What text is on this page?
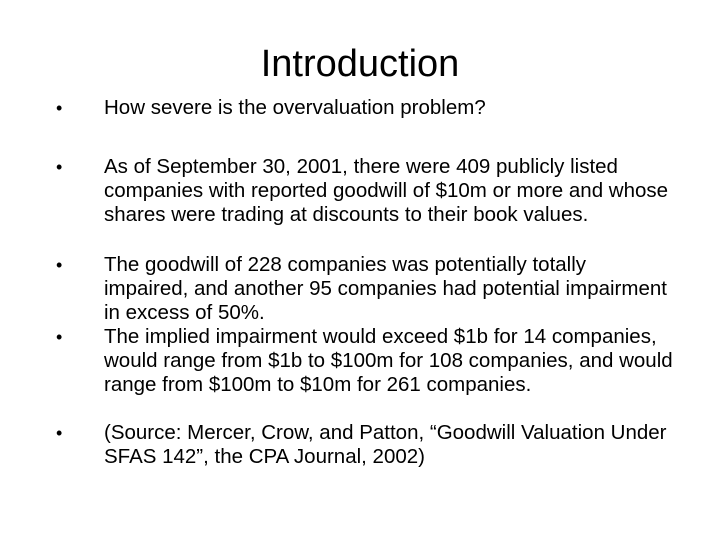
Introduction
• How severe is the overvaluation problem?
• As of September 30, 2001, there were 409 publicly listed companies with reported goodwill of $10m or more and whose shares were trading at discounts to their book values.
• The goodwill of 228 companies was potentially totally impaired, and another 95 companies had potential impairment in excess of 50%.
• The implied impairment would exceed $1b for 14 companies, would range from $1b to $100m for 108 companies, and would range from $100m to $10m for 261 companies.
• (Source: Mercer, Crow, and Patton, “Goodwill Valuation Under SFAS 142”, the CPA Journal, 2002)
